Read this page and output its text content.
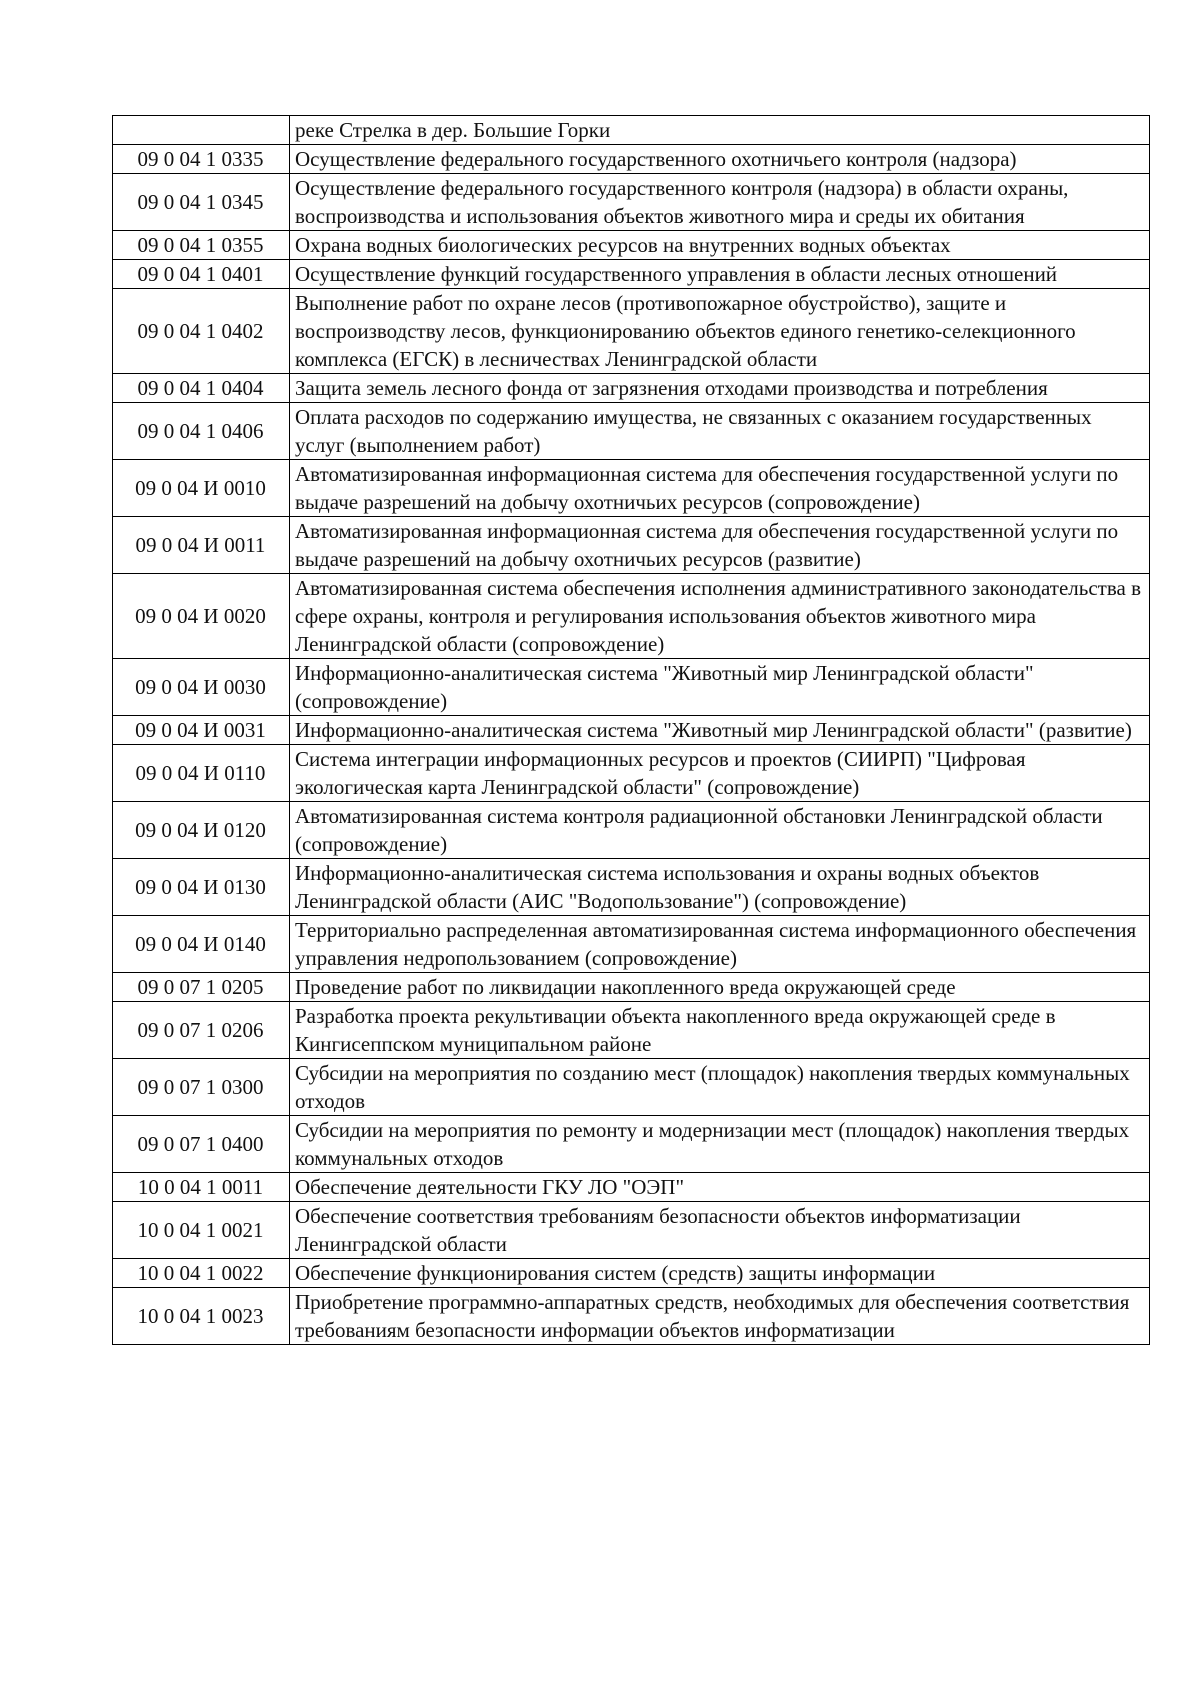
	реке Стрелка в дер. Большие Горки
09 0 04 1 0335	Осуществление федерального государственного охотничьего контроля (надзора)
09 0 04 1 0345	Осуществление федерального государственного контроля (надзора) в области охраны, воспроизводства и использования объектов животного мира и среды их обитания
09 0 04 1 0355	Охрана водных биологических ресурсов на внутренних водных объектах
09 0 04 1 0401	Осуществление функций государственного управления в области лесных отношений
09 0 04 1 0402	Выполнение работ по охране лесов (противопожарное обустройство), защите и воспроизводству лесов, функционированию объектов единого генетико-селекционного комплекса (ЕГСК) в лесничествах Ленинградской области
09 0 04 1 0404	Защита земель лесного фонда от загрязнения отходами производства и потребления
09 0 04 1 0406	Оплата расходов по содержанию имущества, не связанных с оказанием государственных услуг (выполнением работ)
09 0 04 И 0010	Автоматизированная информационная система для обеспечения государственной услуги по выдаче разрешений на добычу охотничьих ресурсов (сопровождение)
09 0 04 И 0011	Автоматизированная информационная система для обеспечения государственной услуги по выдаче разрешений на добычу охотничьих ресурсов (развитие)
09 0 04 И 0020	Автоматизированная система обеспечения исполнения административного законодательства в сфере охраны, контроля и регулирования использования объектов животного мира Ленинградской области (сопровождение)
09 0 04 И 0030	Информационно-аналитическая система "Животный мир Ленинградской области" (сопровождение)
09 0 04 И 0031	Информационно-аналитическая система "Животный мир Ленинградской области" (развитие)
09 0 04 И 0110	Система интеграции информационных ресурсов и проектов (СИИРП) "Цифровая экологическая карта Ленинградской области" (сопровождение)
09 0 04 И 0120	Автоматизированная система контроля радиационной обстановки Ленинградской области (сопровождение)
09 0 04 И 0130	Информационно-аналитическая система использования и охраны водных объектов Ленинградской области (АИС "Водопользование") (сопровождение)
09 0 04 И 0140	Территориально распределенная автоматизированная система информационного обеспечения управления недропользованием (сопровождение)
09 0 07 1 0205	Проведение работ по ликвидации накопленного вреда окружающей среде
09 0 07 1 0206	Разработка проекта рекультивации объекта накопленного вреда окружающей среде в Кингисеппском муниципальном районе
09 0 07 1 0300	Субсидии на мероприятия по созданию мест (площадок) накопления твердых коммунальных отходов
09 0 07 1 0400	Субсидии на мероприятия по ремонту и модернизации мест (площадок) накопления твердых коммунальных отходов
10 0 04 1 0011	Обеспечение деятельности ГКУ ЛО "ОЭП"
10 0 04 1 0021	Обеспечение соответствия требованиям безопасности объектов информатизации Ленинградской области
10 0 04 1 0022	Обеспечение функционирования систем (средств) защиты информации
10 0 04 1 0023	Приобретение программно-аппаратных средств, необходимых для обеспечения соответствия требованиям безопасности информации объектов информатизации
